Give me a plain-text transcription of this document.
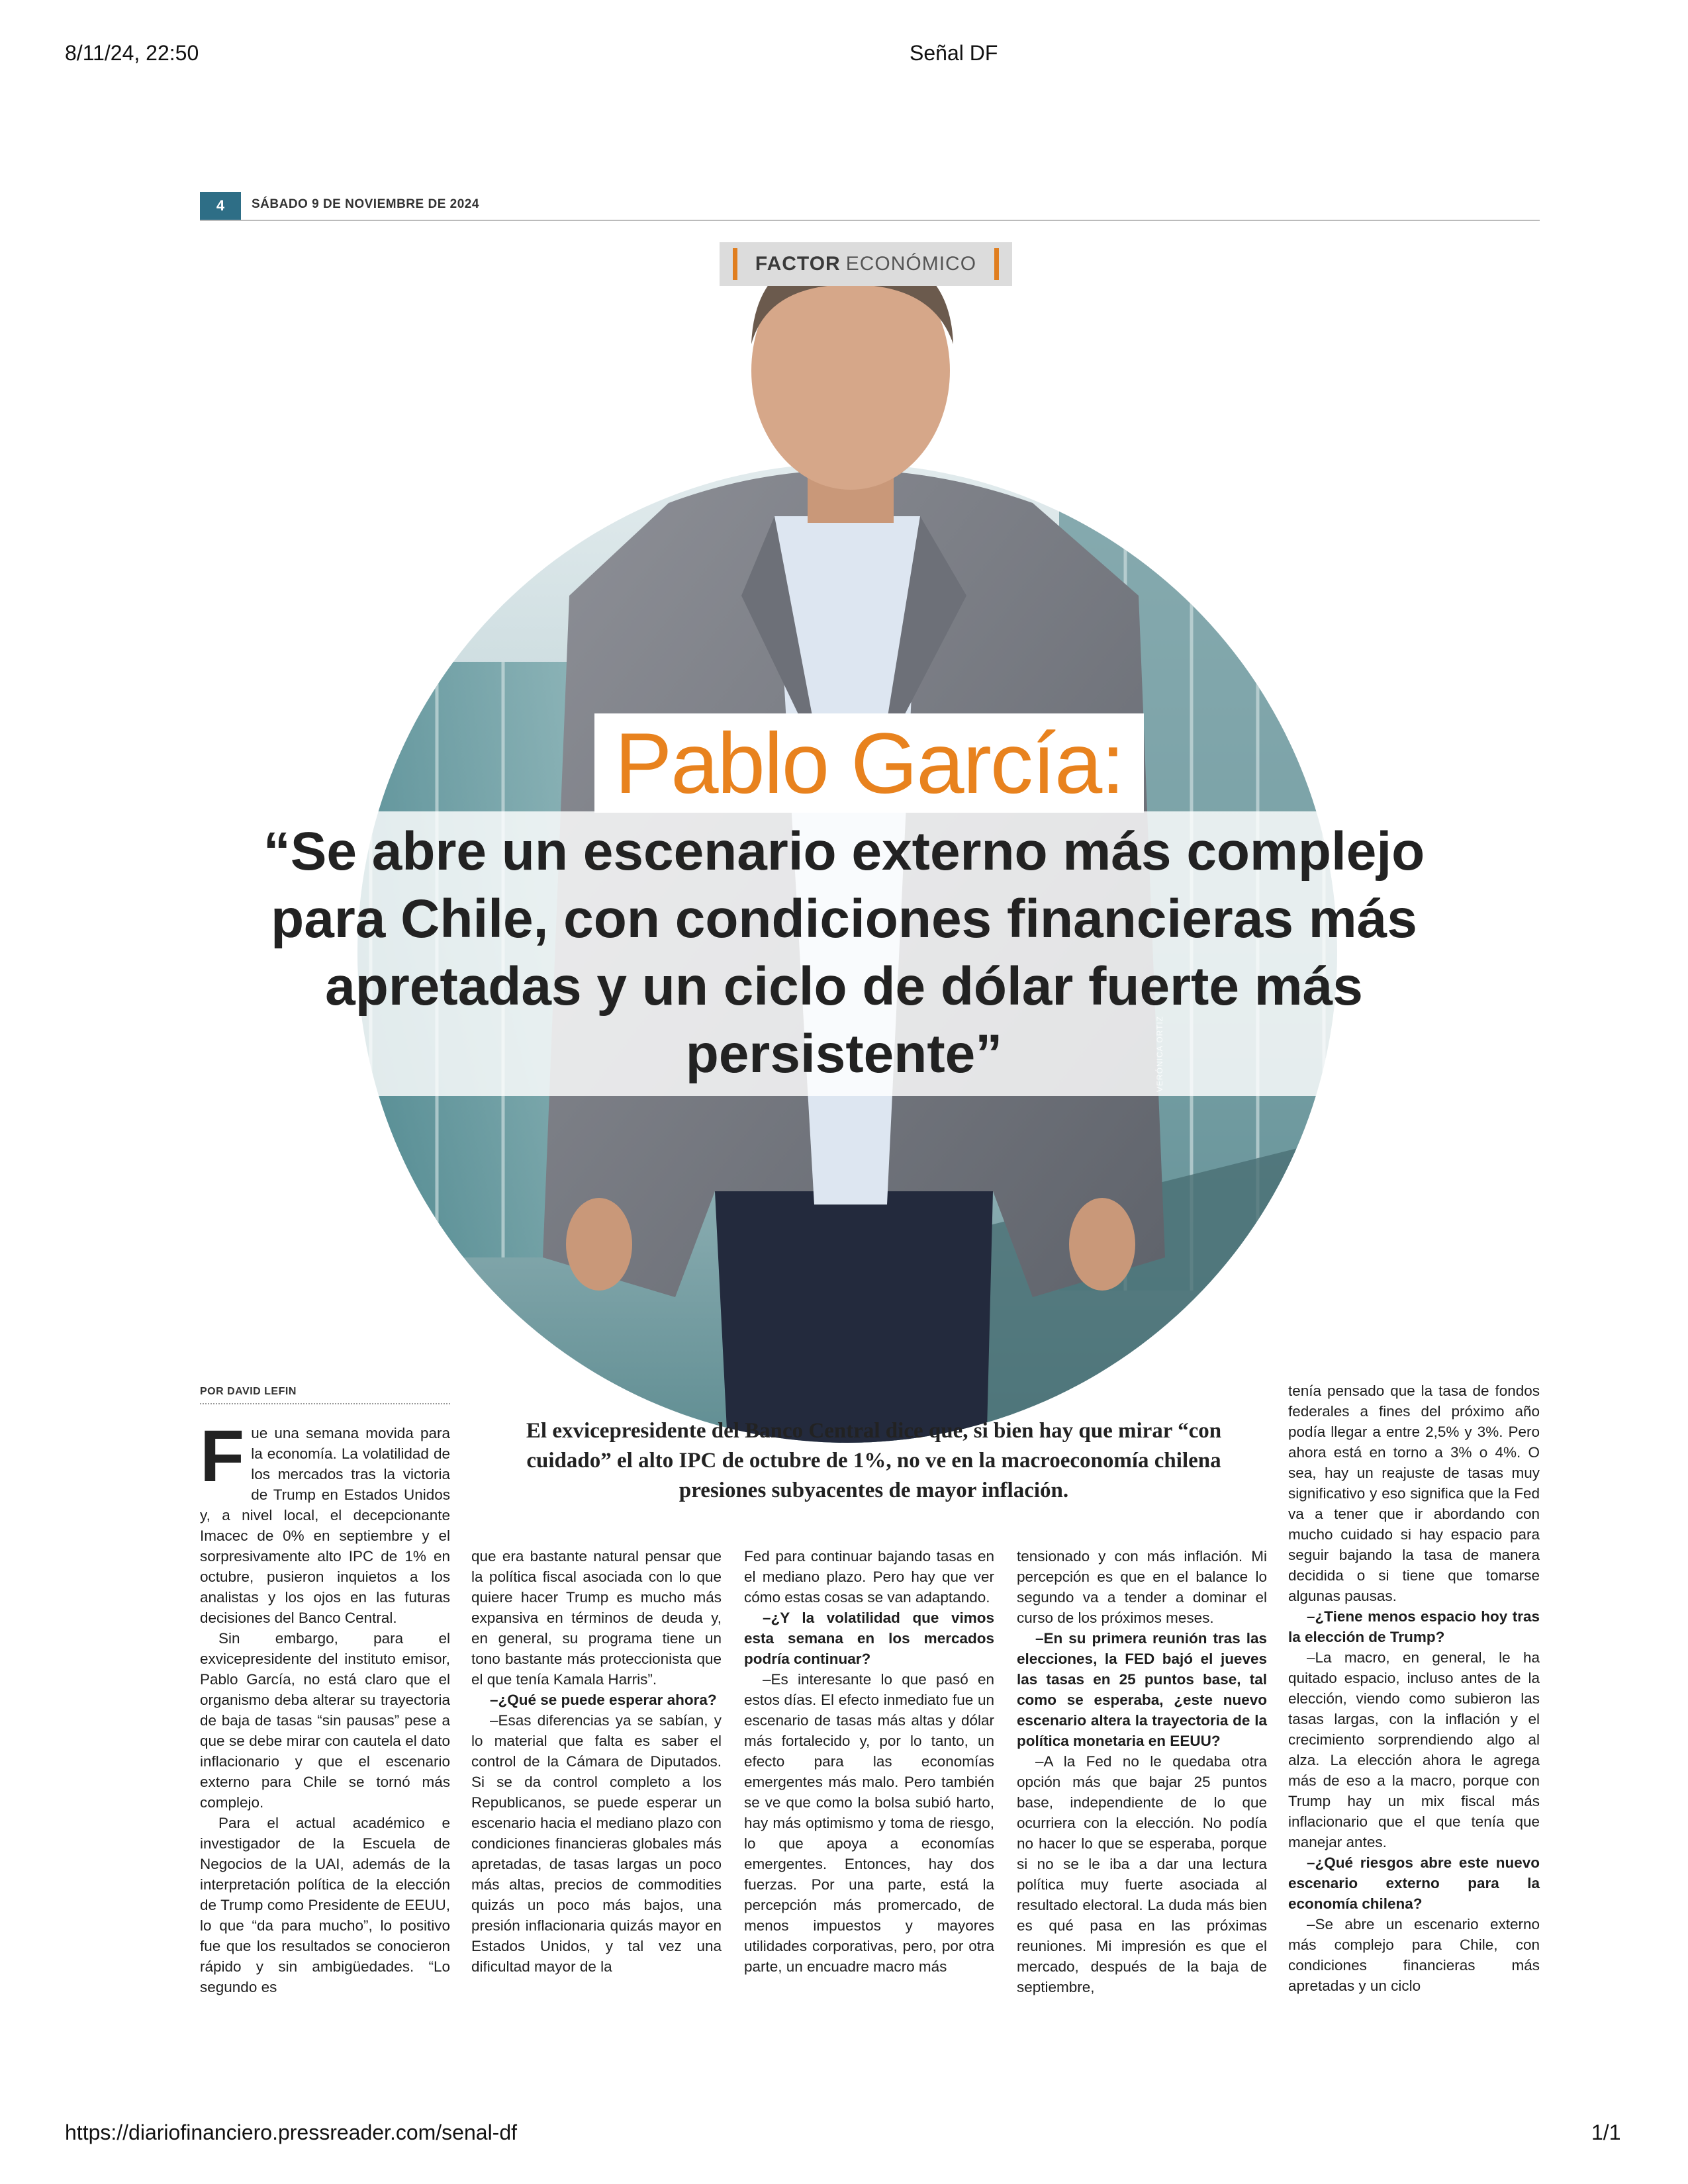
8/11/24, 22:50	Señal DF
https://diariofinanciero.pressreader.com/senal-df	1/1
4	SÁBADO 9 DE NOVIEMBRE DE 2024
diariofinanciero	diario
FACTOR ECONÓMICO
Pablo García:
“Se abre un escenario externo más complejo para Chile, con condiciones financieras más apretadas y un ciclo de dólar fuerte más persistente”
POR DAVID LEFIN
El exvicepresidente del Banco Central dice que, si bien hay que mirar “con cuidado” el alto IPC de octubre de 1%, no ve en la macroeconomía chilena presiones subyacentes de mayor inflación.
F ue una semana movida para la economía. La volatilidad de los mercados tras la victoria de Trump en Estados Unidos y, a nivel local, el decepcionante Imacec de 0% en septiembre y el sorpresivamente alto IPC de 1% en octubre, pusieron inquietos a los analistas y los ojos en las futuras decisiones del Banco Central.

Sin embargo, para el exvicepresidente del instituto emisor, Pablo García, no está claro que el organismo deba alterar su trayectoria de baja de tasas “sin pausas” pese a que se debe mirar con cautela el dato inflacionario y que el escenario externo para Chile se tornó más complejo.

Para el actual académico e investigador de la Escuela de Negocios de la UAI, además de la interpretación política de la elección de Trump como Presidente de EEUU, lo que “da para mucho”, lo positivo fue que los resultados se conocieron rápido y sin ambigüedades. “Lo segundo es

que era bastante natural pensar que la política fiscal asociada con lo que quiere hacer Trump es mucho más expansiva en términos de deuda y, en general, su programa tiene un tono bastante más proteccionista que el que tenía Kamala Harris”.

–¿Qué se puede esperar ahora?

–Esas diferencias ya se sabían, y lo material que falta es saber el control de la Cámara de Diputados. Si se da control completo a los Republicanos, se puede esperar un escenario hacia el mediano plazo con condiciones financieras globales más apretadas, de tasas largas un poco más altas, precios de commodities quizás un poco más bajos, una presión inflacionaria quizás mayor en Estados Unidos, y tal vez una dificultad mayor de la

Fed para continuar bajando tasas en el mediano plazo. Pero hay que ver cómo estas cosas se van adaptando.

–¿Y la volatilidad que vimos esta semana en los mercados podría continuar?

–Es interesante lo que pasó en estos días. El efecto inmediato fue un escenario de tasas más altas y dólar más fortalecido y, por lo tanto, un efecto para las economías emergentes más malo. Pero también se ve que como la bolsa subió harto, hay más optimismo y toma de riesgo, lo que apoya a economías emergentes. Entonces, hay dos fuerzas. Por una parte, está la percepción más promercado, de menos impuestos y mayores utilidades corporativas, pero, por otra parte, un encuadre macro más

tensionado y con más inflación. Mi percepción es que en el balance lo segundo va a tender a dominar el curso de los próximos meses.

–En su primera reunión tras las elecciones, la FED bajó el jueves las tasas en 25 puntos base, tal como se esperaba, ¿este nuevo escenario altera la trayectoria de la política monetaria en EEUU?

–A la Fed no le quedaba otra opción más que bajar 25 puntos base, independiente de lo que ocurriera con la elección. No podía no hacer lo que se esperaba, porque si no se le iba a dar una lectura política muy fuerte asociada al resultado electoral. La duda más bien es qué pasa en las próximas reuniones. Mi impresión es que el mercado, después de la baja de septiembre,

tenía pensado que la tasa de fondos federales a fines del próximo año podía llegar a entre 2,5% y 3%. Pero ahora está en torno a 3% o 4%. O sea, hay un reajuste de tasas muy significativo y eso significa que la Fed va a tener que ir abordando con mucho cuidado si hay espacio para seguir bajando la tasa de manera decidida o si tiene que tomarse algunas pausas.

–¿Tiene menos espacio hoy tras la elección de Trump?

–La macro, en general, le ha quitado espacio, incluso antes de la elección, viendo como subieron las tasas largas, con la inflación y el crecimiento sorprendiendo algo al alza. La elección ahora le agrega más de eso a la macro, porque con Trump hay un mix fiscal más inflacionario que el que tenía que manejar antes.

–¿Qué riesgos abre este nuevo escenario externo para la economía chilena?

–Se abre un escenario externo más complejo para Chile, con condiciones financieras más apretadas y un ciclo
